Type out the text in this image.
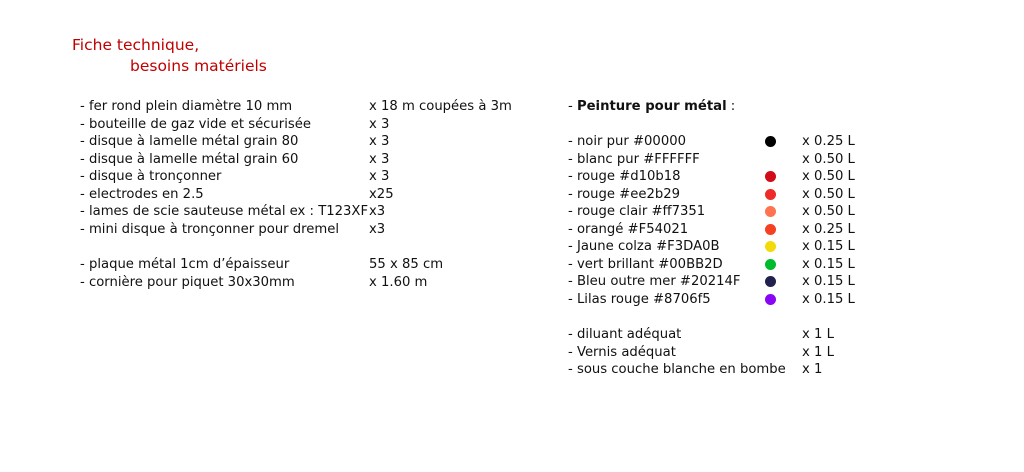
Fiche technique,
besoins matériels
- fer rond plein diamètre 10 mm	x 18 m coupées à 3m
- bouteille de gaz vide et sécurisée	x 3
- disque à lamelle métal grain 80	x 3
- disque à lamelle métal grain 60	x 3
- disque à tronçonner	x 3
- electrodes en 2.5	x25
- lames de scie sauteuse métal ex : T123XF x3
- mini disque à tronçonner pour dremel x3
- plaque métal 1cm d’épaisseur	55 x 85 cm
- cornière pour piquet 30x30mm	x 1.60 m
- Peinture pour métal :
- noir pur #00000	x 0.25 L
- blanc pur #FFFFFF	x 0.50 L
- rouge #d10b18	x 0.50 L
- rouge #ee2b29	x 0.50 L
- rouge clair #ff7351	x 0.50 L
- orangé #F54021	x 0.25 L
- Jaune colza #F3DA0B	x 0.15 L
- vert brillant #00BB2D	x 0.15 L
- Bleu outre mer #20214F	x 0.15 L
- Lilas rouge #8706f5	x 0.15 L
- diluant adéquat	x 1 L
- Vernis adéquat	x 1 L
- sous couche blanche en bombe x 1
